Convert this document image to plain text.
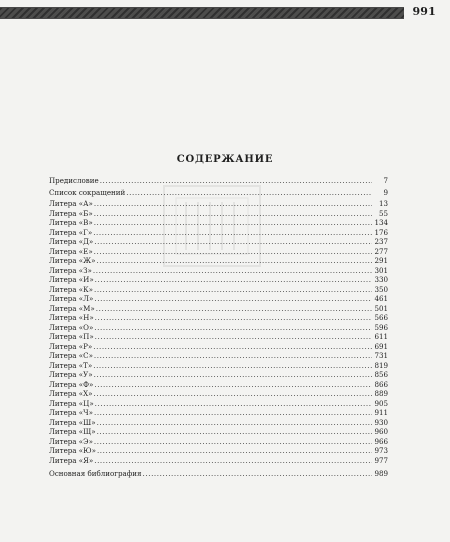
991
СОДЕРЖАНИЕ
Предисловие .....	7
Список сокращений .....	9
Литера «А» .....	13
Литера «Б» .....	55
Литера «В» .....	134
Литера «Г» .....	176
Литера «Д» .....	237
Литера «Е» .....	277
Литера «Ж» .....	291
Литера «З» .....	301
Литера «И» .....	330
Литера «К» .....	350
Литера «Л» .....	461
Литера «М» .....	501
Литера «Н» .....	566
Литера «О» .....	596
Литера «П» .....	611
Литера «Р» .....	691
Литера «С» .....	731
Литера «Т» .....	819
Литера «У» .....	856
Литера «Ф» .....	866
Литера «Х» .....	889
Литера «Ц» .....	905
Литера «Ч» .....	911
Литера «Ш» .....	930
Литера «Щ» .....	960
Литера «Э» .....	966
Литера «Ю» .....	973
Литера «Я» .....	977
Основная библиография .....	989
